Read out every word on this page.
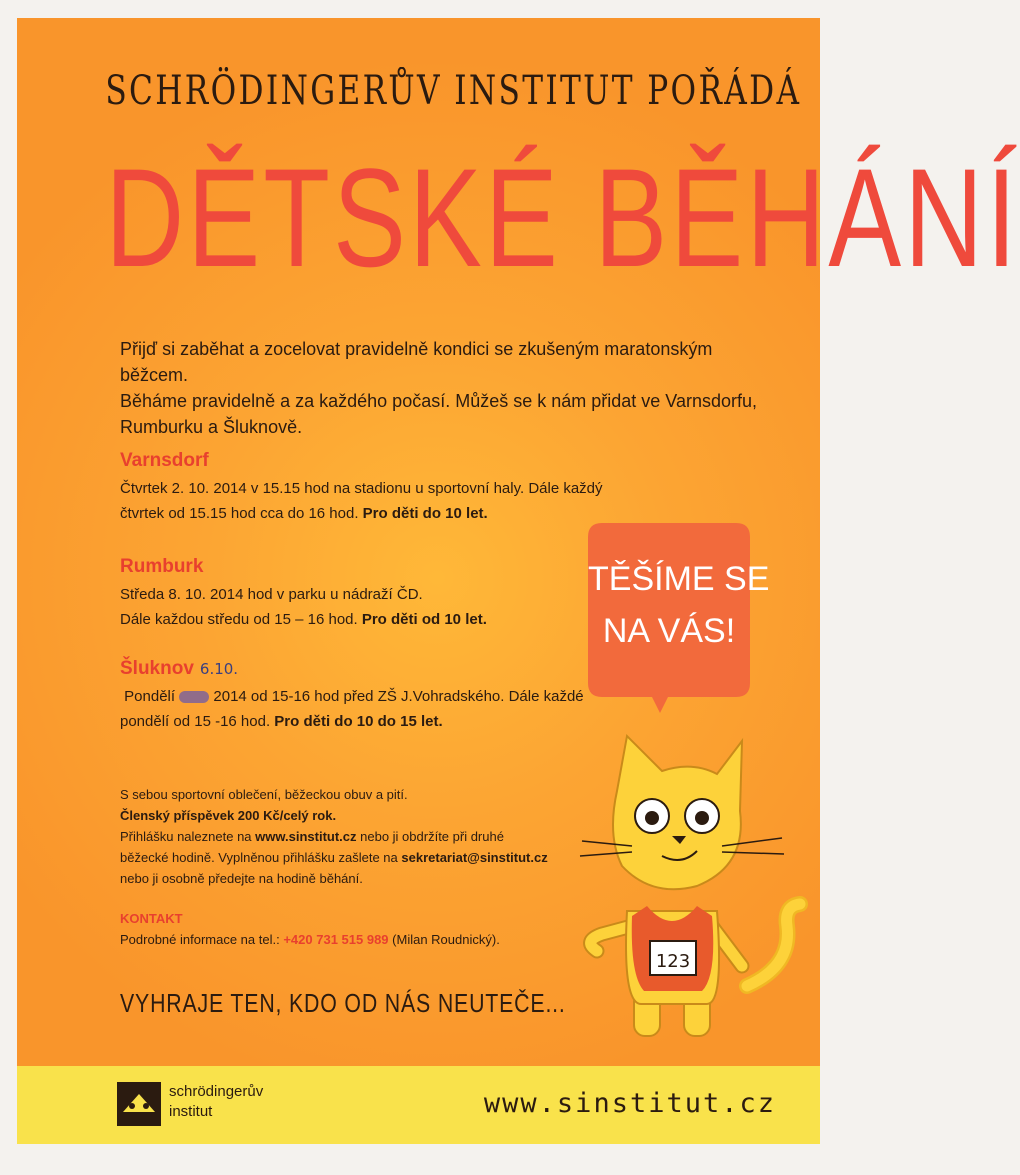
SCHRÖDINGERŮV INSTITUT POŘÁDÁ
DĚTSKÉ BĚHÁNÍ

Přijď si zaběhat a zocelovat pravidelně kondici se zkušeným maratonským běžcem.

Běháme pravidelně a za každého počasí. Můžeš se k nám přidat ve Varnsdorfu,

Rumburku a Šluknově.

Varnsdorf

Čtvrtek 2. 10. 2014 v 15.15 hod na stadionu u sportovní haly. Dále každý

čtvrtek od 15.15 hod cca do 16 hod. Pro děti do 10 let.

Rumburk

Středa 8. 10. 2014 hod v parku u nádraží ČD.

Dále každou středu od 15 – 16 hod. Pro děti od 10 let.

Šluknov 6.10.

Pondělí	2014 od 15-16 hod před ZŠ J.Vohradského. Dále každé

pondělí od 15 -16 hod. Pro děti do 10 do 15 let.

S sebou sportovní oblečení, běžeckou obuv a pití.

Členský příspěvek 200 Kč/celý rok.

Přihlášku naleznete na www.sinstitut.cz nebo ji obdržíte při druhé

běžecké hodině. Vyplněnou přihlášku zašlete na sekretariat@sinstitut.cz

nebo ji osobně předejte na hodině běhání.

KONTAKT

Podrobné informace na tel.: +420 731 515 989 (Milan Roudnický).

VYHRAJE TEN, KDO OD NÁS NEUTEČE...
TĚŠÍME SE
NA VÁS!
123
schrödingerův
institut	www.sinstitut.cz
